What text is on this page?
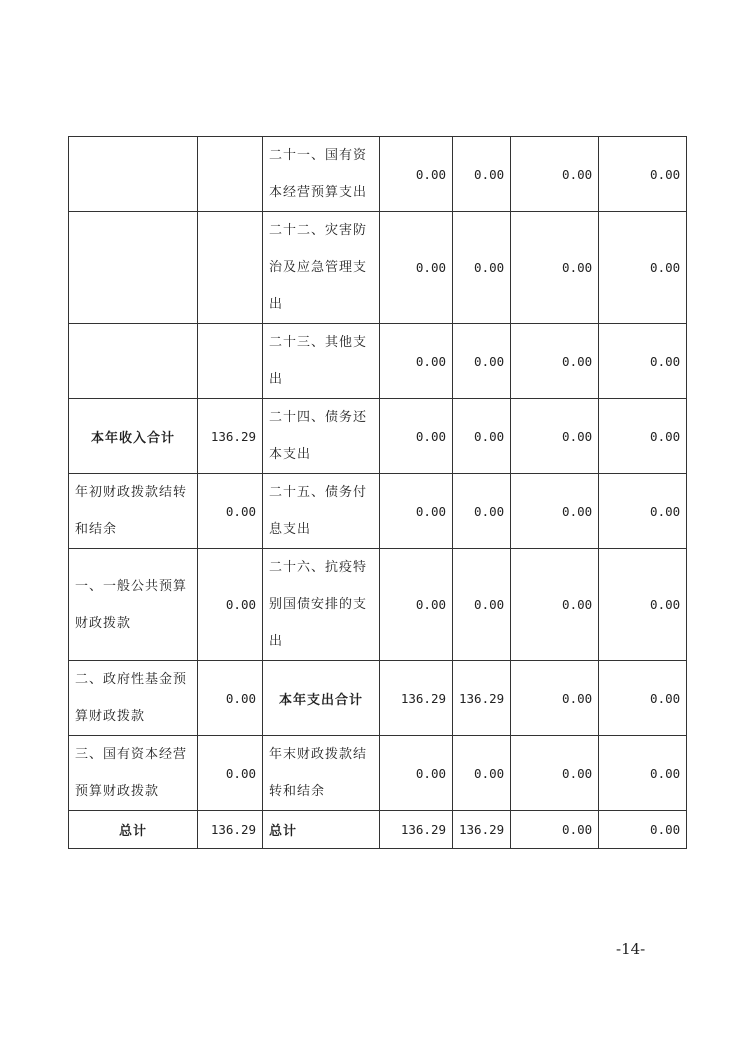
		二十一、国有资本经营预算支出	0.00	0.00	0.00	0.00
		二十二、灾害防治及应急管理支出	0.00	0.00	0.00	0.00
		二十三、其他支出	0.00	0.00	0.00	0.00
本年收入合计	136.29	二十四、债务还本支出	0.00	0.00	0.00	0.00
年初财政拨款结转和结余	0.00	二十五、债务付息支出	0.00	0.00	0.00	0.00
一、一般公共预算财政拨款	0.00	二十六、抗疫特别国债安排的支出	0.00	0.00	0.00	0.00
二、政府性基金预算财政拨款	0.00	本年支出合计	136.29	136.29	0.00	0.00
三、国有资本经营预算财政拨款	0.00	年末财政拨款结转和结余	0.00	0.00	0.00	0.00
总计	136.29	总计	136.29	136.29	0.00	0.00
-14-
